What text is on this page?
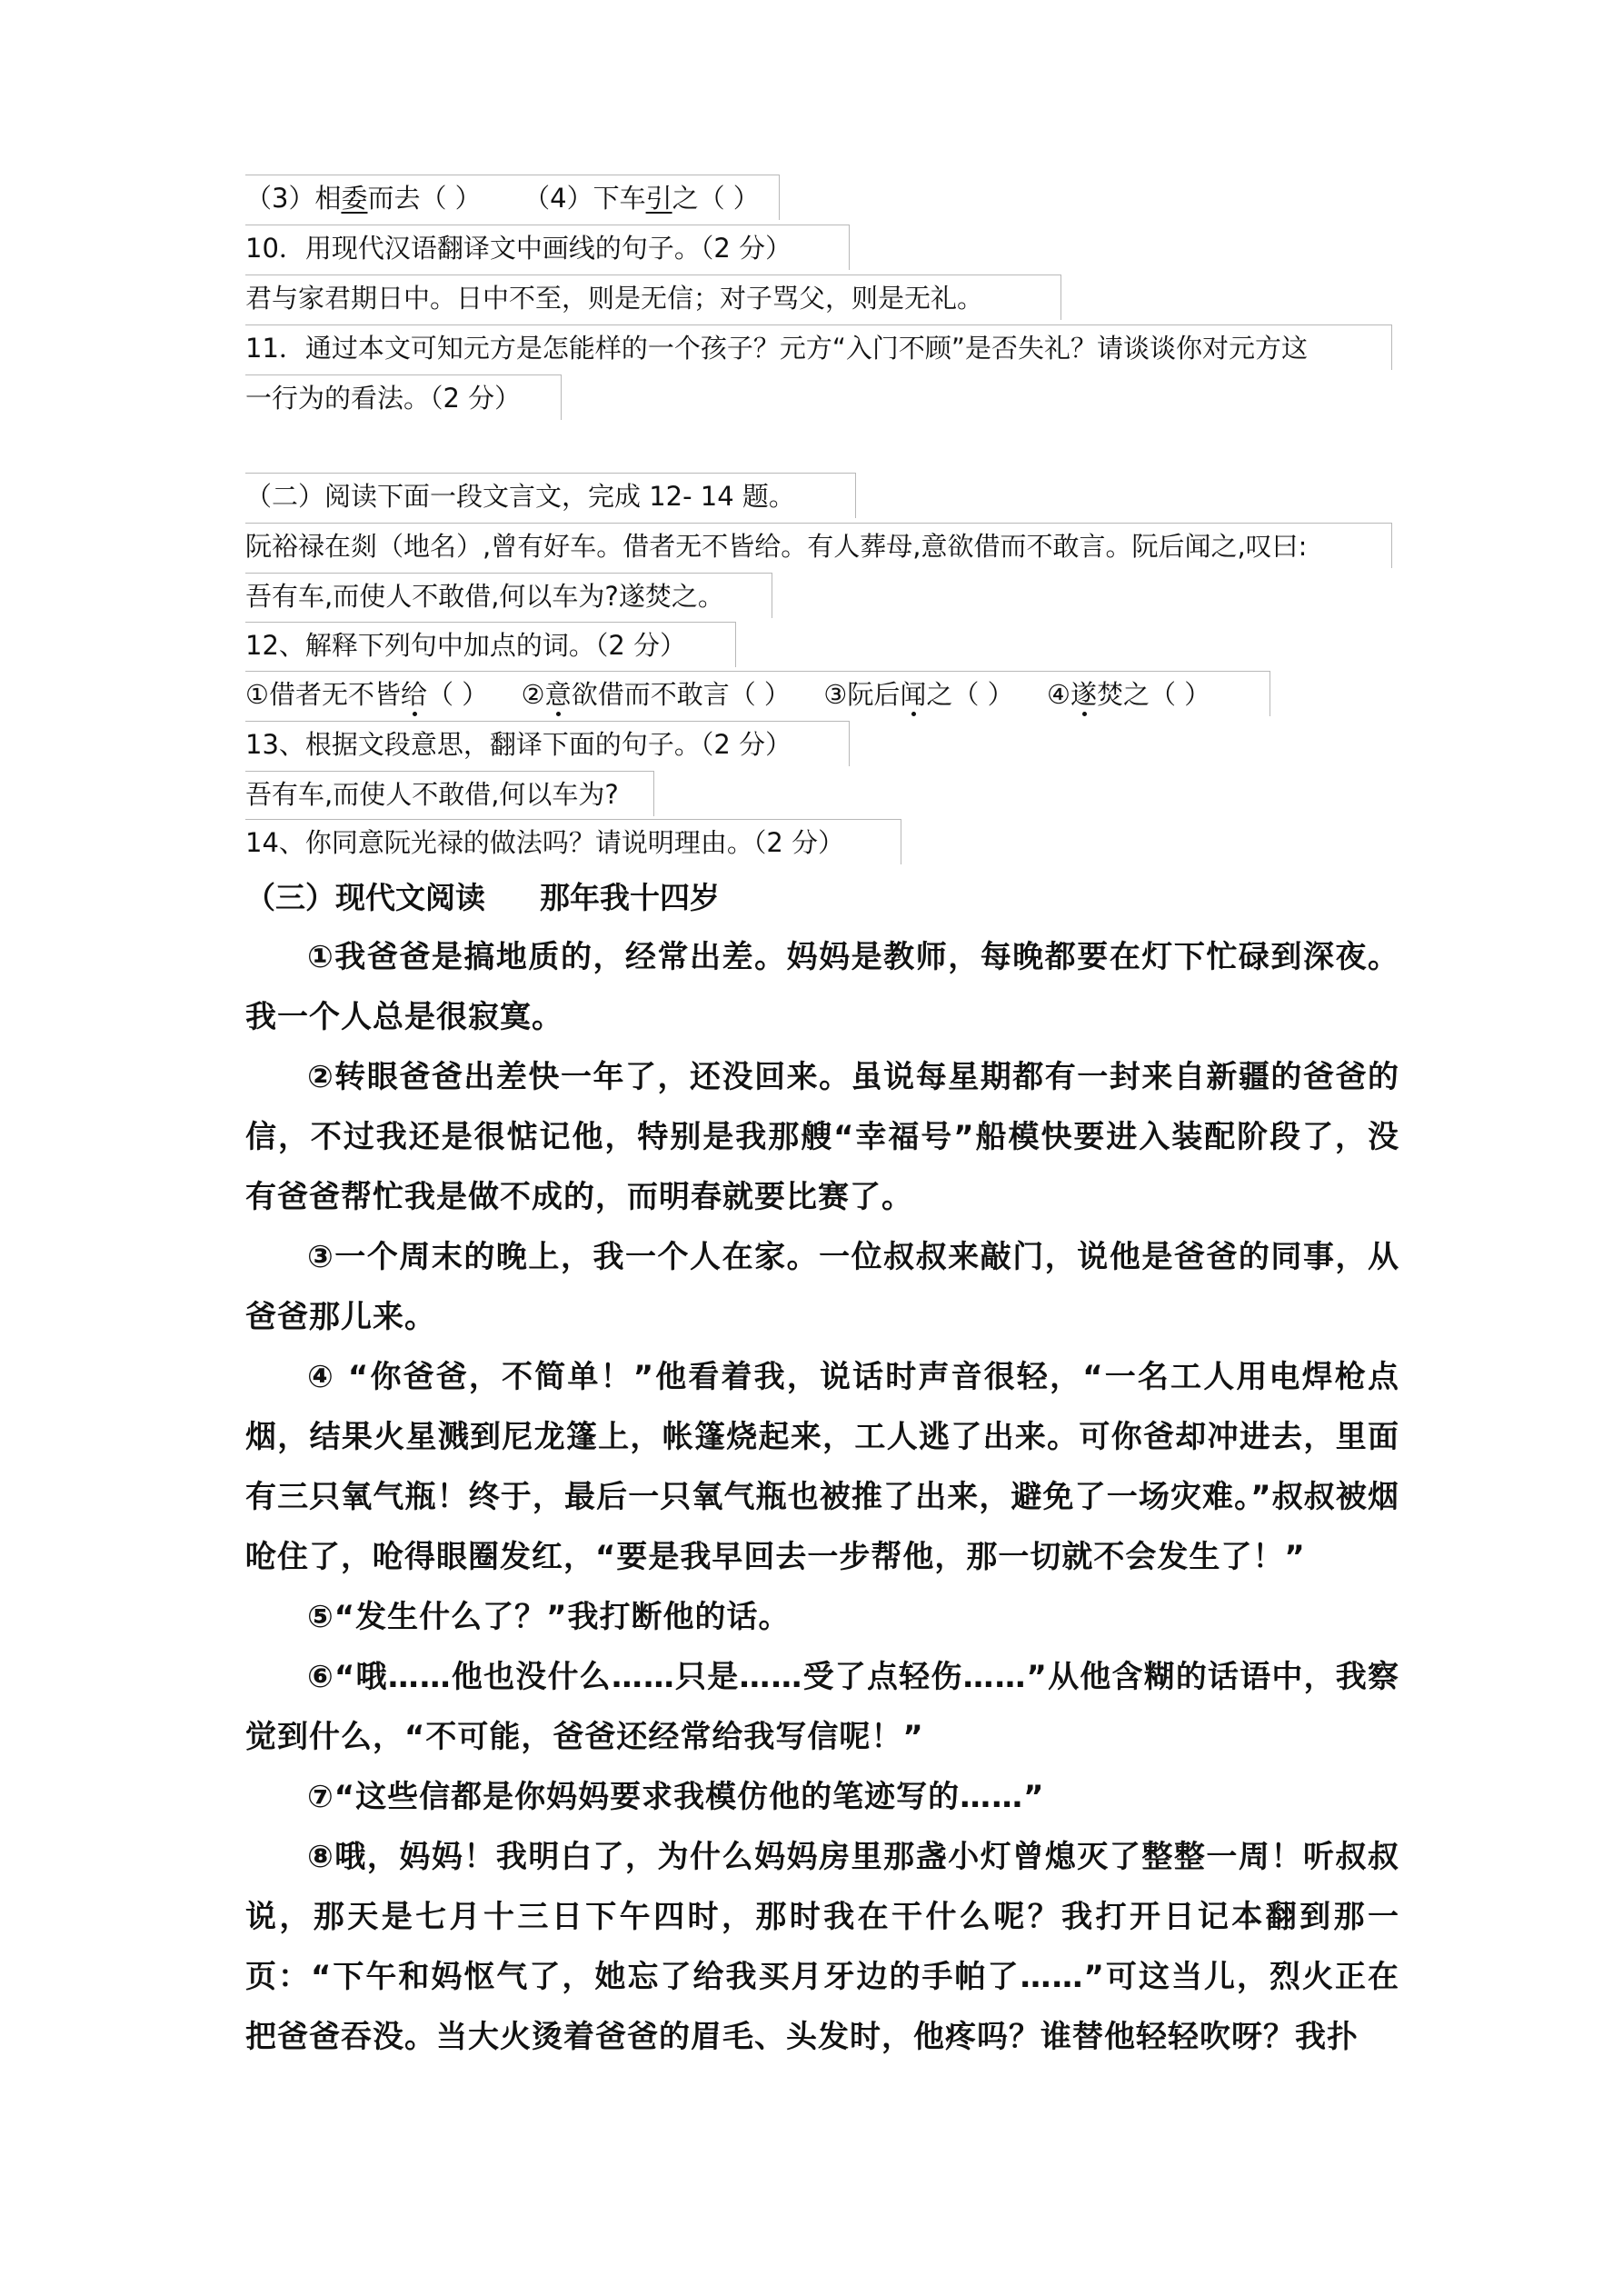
（3）相委而去（ ） （4）下车引之（ ）
10．用现代汉语翻译文中画线的句子。（2 分）
君与家君期日中。日中不至，则是无信；对子骂父，则是无礼。
11．通过本文可知元方是怎能样的一个孩子？元方“入门不顾”是否失礼？请谈谈你对元方这
一行为的看法。（2 分）
（二）阅读下面一段文言文，完成 12- 14 题。
阮裕禄在剡（地名）,曾有好车。借者无不皆给。有人葬母,意欲借而不敢言。阮后闻之,叹曰:
吾有车,而使人不敢借,何以车为?遂焚之。
12、解释下列句中加点的词。（2 分）
①借者无不皆给（ ） ②意欲借而不敢言（ ） ③阮后闻之（ ） ④遂焚之（ ）
13、根据文段意思，翻译下面的句子。（2 分）
吾有车,而使人不敢借,何以车为?
14、你同意阮光禄的做法吗？请说明理由。（2 分）
（三）现代文阅读 那年我十四岁
①我爸爸是搞地质的，经常出差。妈妈是教师，每晚都要在灯下忙碌到深夜。我一个人总是很寂寞。
②转眼爸爸出差快一年了，还没回来。虽说每星期都有一封来自新疆的爸爸的信，不过我还是很惦记他，特别是我那艘“幸福号”船模快要进入装配阶段了，没有爸爸帮忙我是做不成的，而明春就要比赛了。
③一个周末的晚上，我一个人在家。一位叔叔来敲门，说他是爸爸的同事，从爸爸那儿来。
④ “你爸爸，不简单！”他看着我，说话时声音很轻，“一名工人用电焊枪点烟，结果火星溅到尼龙篷上，帐篷烧起来，工人逃了出来。可你爸却冲进去，里面有三只氧气瓶！终于，最后一只氧气瓶也被推了出来，避免了一场灾难。”叔叔被烟呛住了，呛得眼圈发红，“要是我早回去一步帮他，那一切就不会发生了！”
⑤“发生什么了？”我打断他的话。
⑥“哦……他也没什么……只是……受了点轻伤……”从他含糊的话语中，我察觉到什么，“不可能，爸爸还经常给我写信呢！”
⑦“这些信都是你妈妈要求我模仿他的笔迹写的……”
⑧哦，妈妈！我明白了，为什么妈妈房里那盏小灯曾熄灭了整整一周！听叔叔说，那天是七月十三日下午四时，那时我在干什么呢？我打开日记本翻到那一页：“下午和妈怄气了，她忘了给我买月牙边的手帕了……”可这当儿，烈火正在把爸爸吞没。当大火烫着爸爸的眉毛、头发时，他疼吗？谁替他轻轻吹呀？我扑
